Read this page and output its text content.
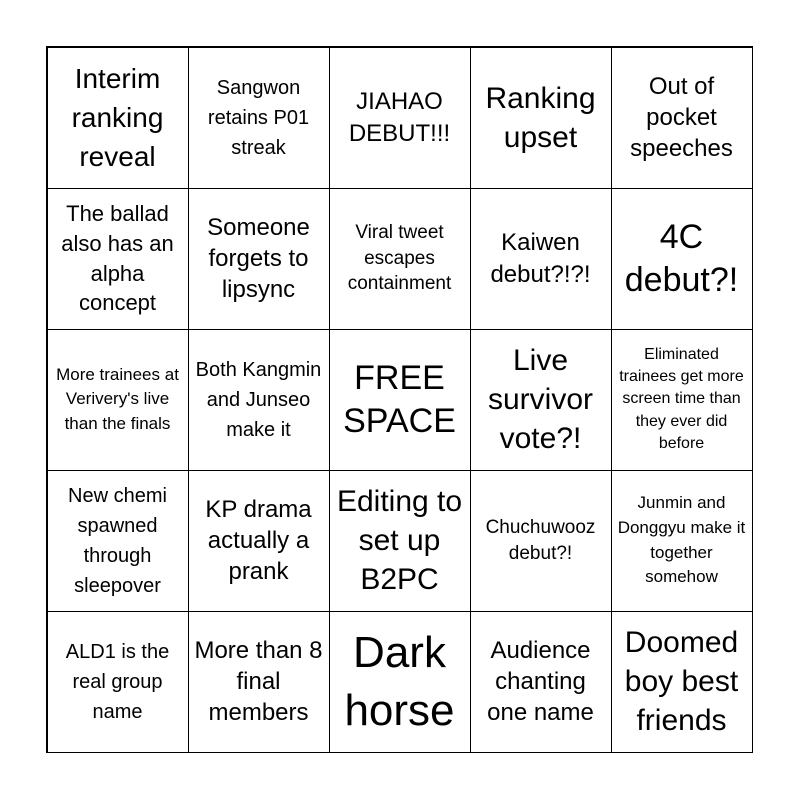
Interim ranking reveal
Sangwon retains P01 streak
JIAHAO DEBUT!!!
Ranking upset
Out of pocket speeches
The ballad also has an alpha concept
Someone forgets to lipsync
Viral tweet escapes containment
Kaiwen debut?!?!
4C debut?!
More trainees at Verivery's live than the finals
Both Kangmin and Junseo make it
FREE SPACE
Live survivor vote?!
Eliminated trainees get more screen time than they ever did before
New chemi spawned through sleepover
KP drama actually a prank
Editing to set up B2PC
Chuchuwooz debut?!
Junmin and Donggyu make it together somehow
ALD1 is the real group name
More than 8 final members
Dark horse
Audience chanting one name
Doomed boy best friends
